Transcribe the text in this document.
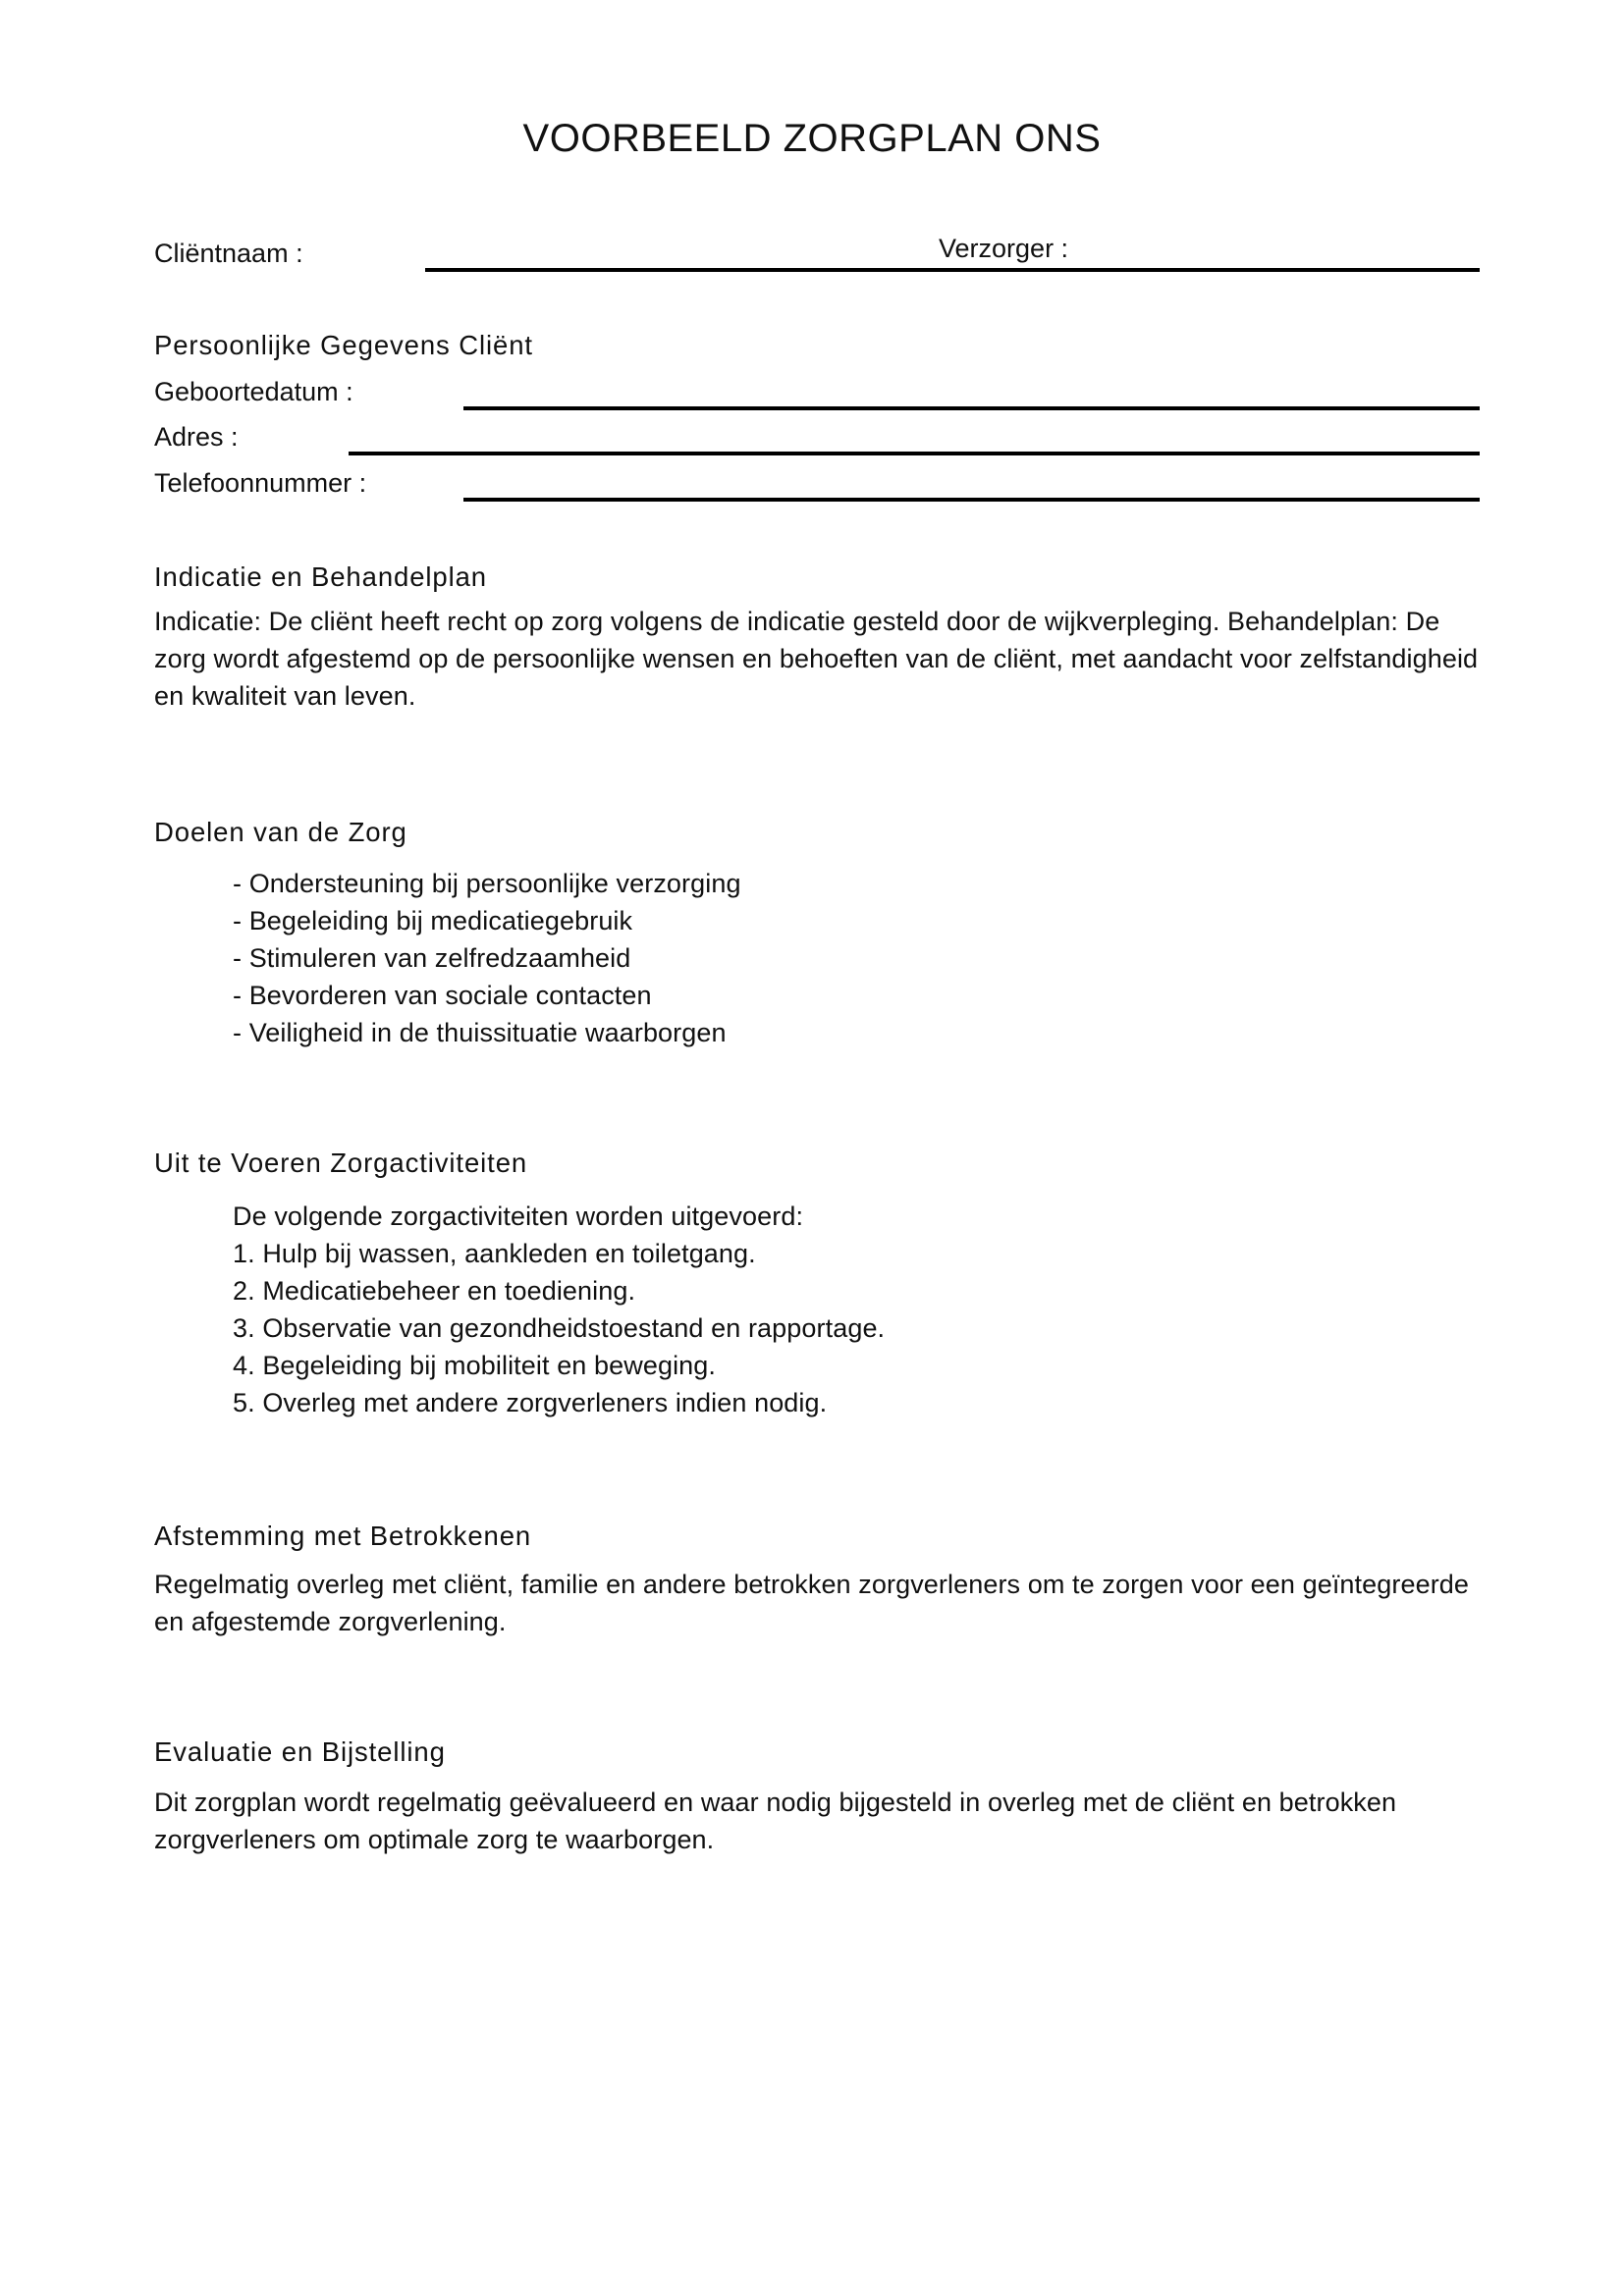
VOORBEELD ZORGPLAN ONS
Cliëntnaam :	Verzorger :
Persoonlijke Gegevens Cliënt
Geboortedatum :
Adres :
Telefoonnummer :
Indicatie en Behandelplan

Indicatie: De cliënt heeft recht op zorg volgens de indicatie gesteld door de wijkverpleging. Behandelplan: De zorg wordt afgestemd op de persoonlijke wensen en behoeften van de cliënt, met aandacht voor zelfstandigheid en kwaliteit van leven.

Doelen van de Zorg
- Ondersteuning bij persoonlijke verzorging
- Begeleiding bij medicatiegebruik
- Stimuleren van zelfredzaamheid
- Bevorderen van sociale contacten
- Veiligheid in de thuissituatie waarborgen
Uit te Voeren Zorgactiviteiten
De volgende zorgactiviteiten worden uitgevoerd:
1. Hulp bij wassen, aankleden en toiletgang.
2. Medicatiebeheer en toediening.
3. Observatie van gezondheidstoestand en rapportage.
4. Begeleiding bij mobiliteit en beweging.
5. Overleg met andere zorgverleners indien nodig.
Afstemming met Betrokkenen

Regelmatig overleg met cliënt, familie en andere betrokken zorgverleners om te zorgen voor een geïntegreerde en afgestemde zorgverlening.

Evaluatie en Bijstelling

Dit zorgplan wordt regelmatig geëvalueerd en waar nodig bijgesteld in overleg met de cliënt en betrokken zorgverleners om optimale zorg te waarborgen.
